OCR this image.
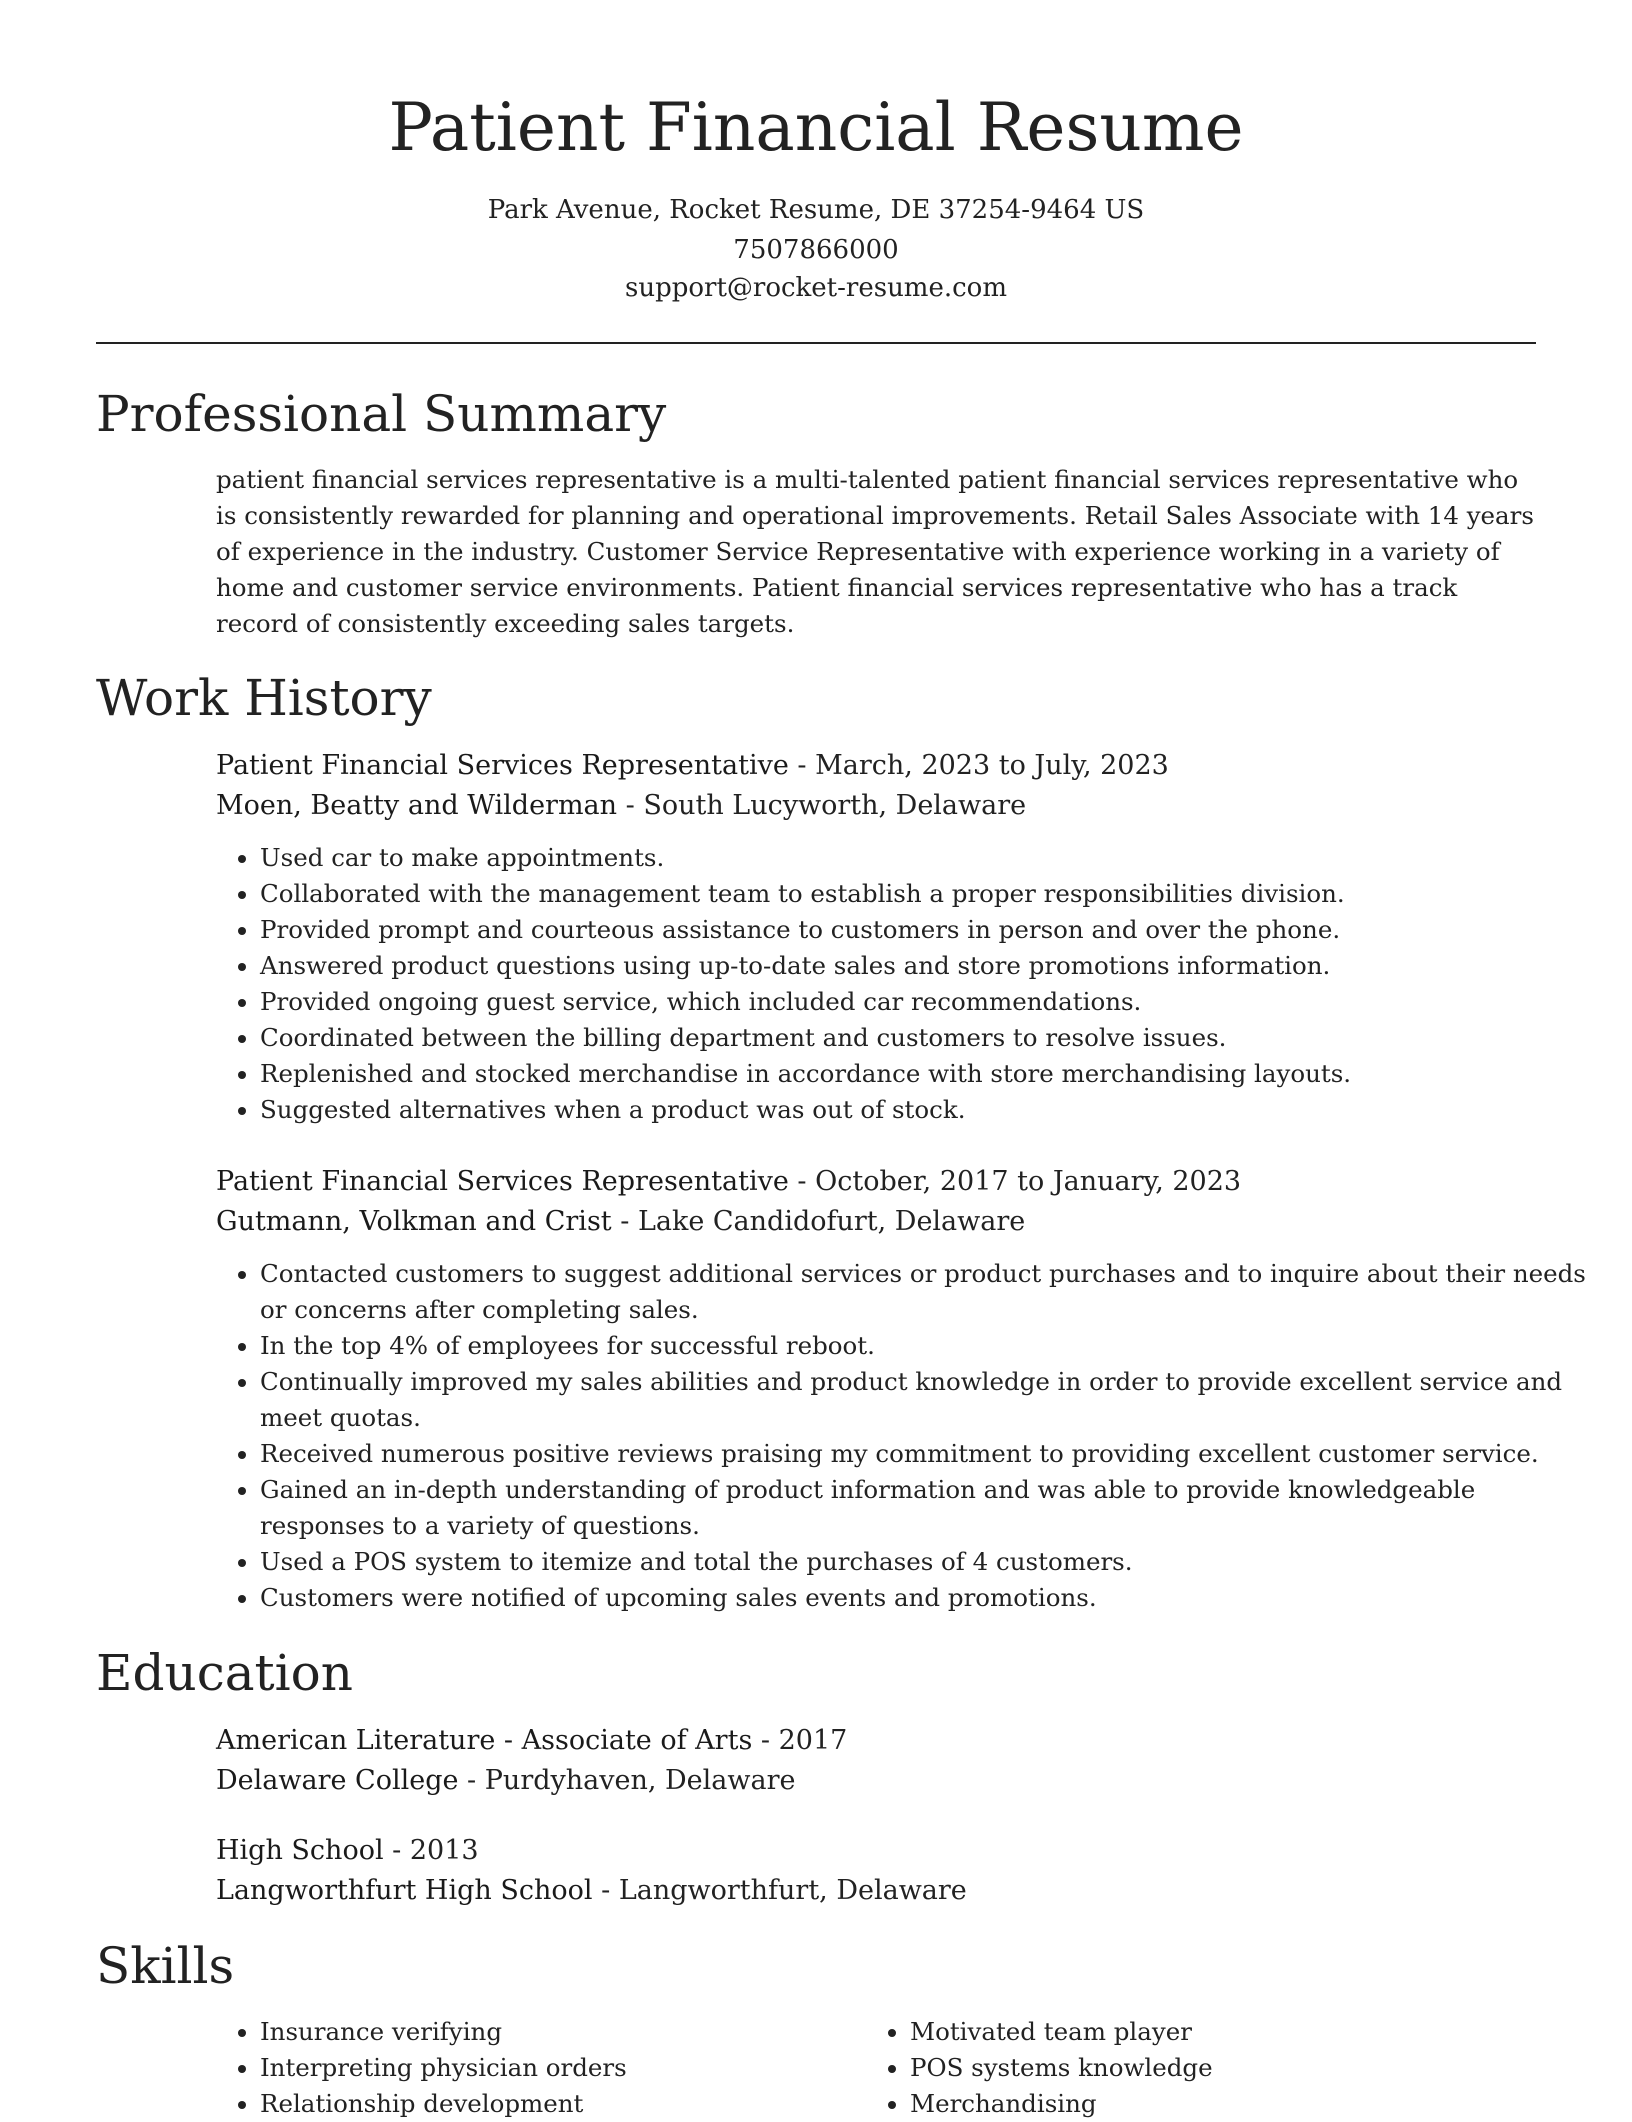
Patient Financial Resume
Park Avenue, Rocket Resume, DE 37254-9464 US
7507866000
support@rocket-resume.com
Professional Summary

patient financial services representative is a multi-talented patient financial services representative who is consistently rewarded for planning and operational improvements. Retail Sales Associate with 14 years of experience in the industry. Customer Service Representative with experience working in a variety of home and customer service environments. Patient financial services representative who has a track record of consistently exceeding sales targets.

Work History
Patient Financial Services Representative - March, 2023 to July, 2023
Moen, Beatty and Wilderman - South Lucyworth, Delaware
• Used car to make appointments.
• Collaborated with the management team to establish a proper responsibilities division.
• Provided prompt and courteous assistance to customers in person and over the phone.
• Answered product questions using up-to-date sales and store promotions information.
• Provided ongoing guest service, which included car recommendations.
• Coordinated between the billing department and customers to resolve issues.
• Replenished and stocked merchandise in accordance with store merchandising layouts.
• Suggested alternatives when a product was out of stock.
Patient Financial Services Representative - October, 2017 to January, 2023
Gutmann, Volkman and Crist - Lake Candidofurt, Delaware
• Contacted customers to suggest additional services or product purchases and to inquire about their needs or concerns after completing sales.
• In the top 4% of employees for successful reboot.
• Continually improved my sales abilities and product knowledge in order to provide excellent service and meet quotas.
• Received numerous positive reviews praising my commitment to providing excellent customer service.
• Gained an in-depth understanding of product information and was able to provide knowledgeable responses to a variety of questions.
• Used a POS system to itemize and total the purchases of 4 customers.
• Customers were notified of upcoming sales events and promotions.
Education
American Literature - Associate of Arts - 2017
Delaware College - Purdyhaven, Delaware
High School - 2013
Langworthfurt High School - Langworthfurt, Delaware
Skills
• Insurance verifying
• Interpreting physician orders
• Relationship development
• Motivated team player
• POS systems knowledge
• Merchandising
